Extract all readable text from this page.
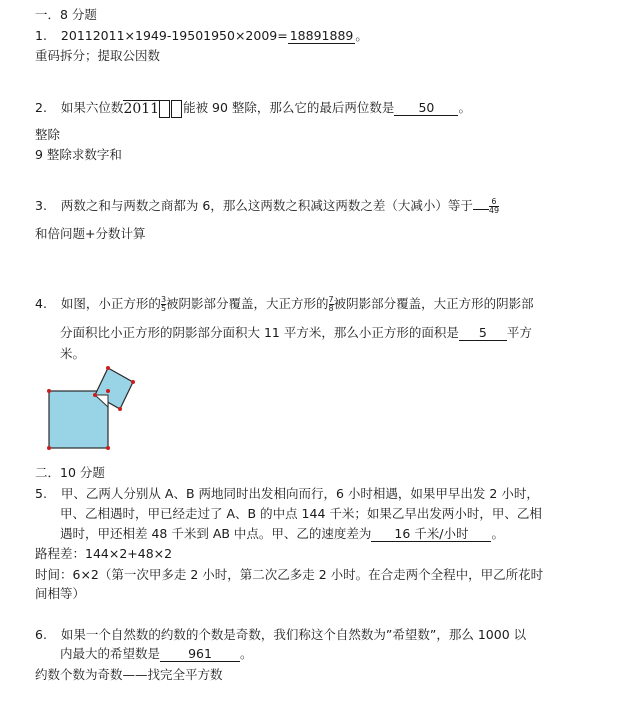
一．8 分题
1. 20112011×1949-19501950×2009= 18891889 。
重码拆分；提取公因数
2. 如果六位数2011 能被 90 整除，那么它的最后两位数是 50 。
整除
9 整除求数字和
3. 两数之和与两数之商都为 6，那么这两数之积减这两数之差（大减小）等于 $\frac{6}{49}$
和倍问题+分数计算
4. 如图，小正方形的$\frac{3}{5}$ 被阴影部分覆盖，大正方形的$\frac{7}{8}$ 被阴影部分覆盖，大正方形的阴影部
分面积比小正方形的阴影部分面积大 11 平方米，那么小正方形的面积是 5 平方
米。
二．10 分题
5. 甲、乙两人分别从 A、B 两地同时出发相向而行，6 小时相遇，如果甲早出发 2 小时，
甲、乙相遇时，甲已经走过了 A、B 的中点 144 千米；如果乙早出发两小时，甲、乙相
遇时，甲还相差 48 千米到 AB 中点。甲、乙的速度差为 16 千米/小时 。
路程差：144×2+48×2
时间：6×2（第一次甲多走 2 小时，第二次乙多走 2 小时。在合走两个全程中，甲乙所花时
间相等）
6. 如果一个自然数的约数的个数是奇数，我们称这个自然数为”希望数”，那么 1000 以
内最大的希望数是 961 。
约数个数为奇数——找完全平方数
